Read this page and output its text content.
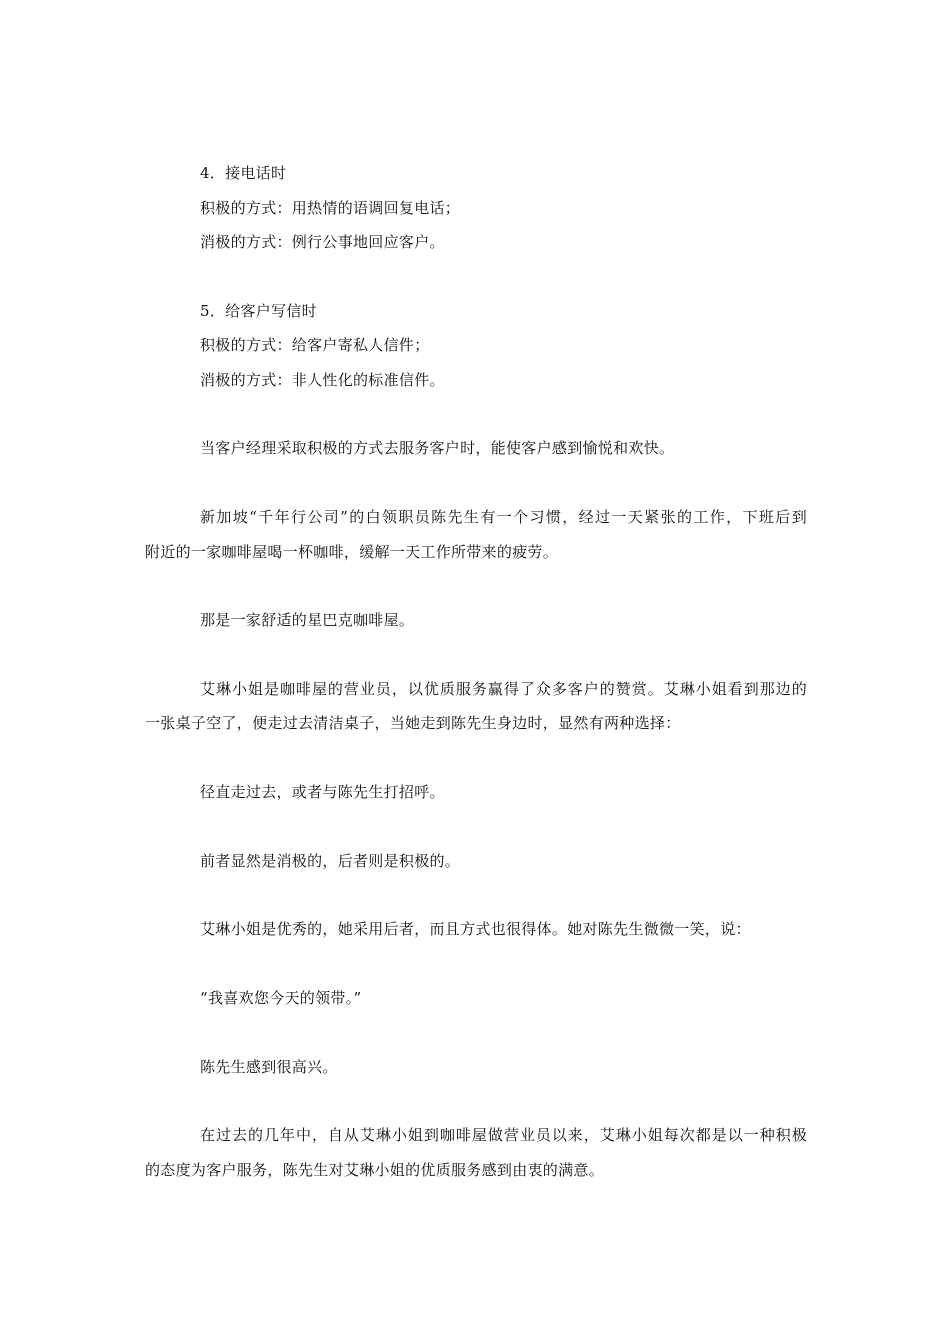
4．接电话时
积极的方式：用热情的语调回复电话；
消极的方式：例行公事地回应客户。
5．给客户写信时
积极的方式：给客户寄私人信件；
消极的方式：非人性化的标准信件。
当客户经理采取积极的方式去服务客户时，能使客户感到愉悦和欢快。
新加坡“千年行公司”的白领职员陈先生有一个习惯，经过一天紧张的工作，下班后到
附近的一家咖啡屋喝一杯咖啡，缓解一天工作所带来的疲劳。
那是一家舒适的星巴克咖啡屋。
艾琳小姐是咖啡屋的营业员，以优质服务赢得了众多客户的赞赏。艾琳小姐看到那边的
一张桌子空了，便走过去清洁桌子，当她走到陈先生身边时，显然有两种选择：
径直走过去，或者与陈先生打招呼。
前者显然是消极的，后者则是积极的。
艾琳小姐是优秀的，她采用后者，而且方式也很得体。她对陈先生微微一笑，说：
“我喜欢您今天的领带。”
陈先生感到很高兴。
在过去的几年中，自从艾琳小姐到咖啡屋做营业员以来，艾琳小姐每次都是以一种积极
的态度为客户服务，陈先生对艾琳小姐的优质服务感到由衷的满意。
